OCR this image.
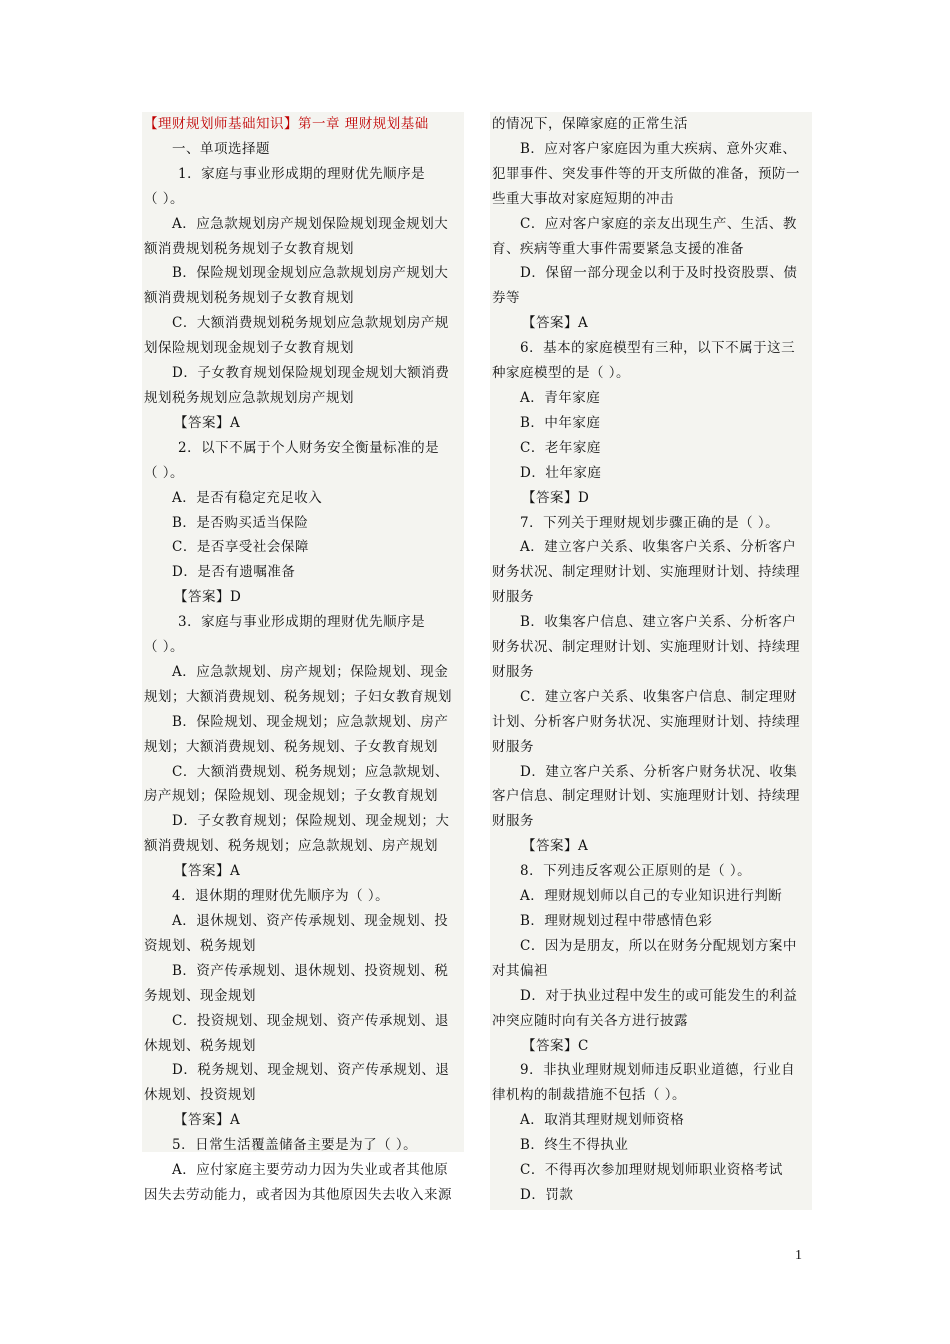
【理财规划师基础知识】第一章 理财规划基础
一、单项选择题
1．家庭与事业形成期的理财优先顺序是
（ ）。
A．应急款规划房产规划保险规划现金规划大
额消费规划税务规划子女教育规划
B．保险规划现金规划应急款规划房产规划大
额消费规划税务规划子女教育规划
C．大额消费规划税务规划应急款规划房产规
划保险规划现金规划子女教育规划
D．子女教育规划保险规划现金规划大额消费
规划税务规划应急款规划房产规划
【答案】A
2．以下不属于个人财务安全衡量标准的是
（ ）。
A．是否有稳定充足收入
B．是否购买适当保险
C．是否享受社会保障
D．是否有遗嘱准备
【答案】D
3．家庭与事业形成期的理财优先顺序是
（ ）。
A．应急款规划、房产规划；保险规划、现金
规划；大额消费规划、税务规划；子妇女教育规划
B．保险规划、现金规划；应急款规划、房产
规划；大额消费规划、税务规划、子女教育规划
C．大额消费规划、税务规划；应急款规划、
房产规划；保险规划、现金规划；子女教育规划
D．子女教育规划；保险规划、现金规划；大
额消费规划、税务规划；应急款规划、房产规划
【答案】A
4．退休期的理财优先顺序为（ ）。
A．退休规划、资产传承规划、现金规划、投
资规划、税务规划
B．资产传承规划、退休规划、投资规划、税
务规划、现金规划
C．投资规划、现金规划、资产传承规划、退
休规划、税务规划
D．税务规划、现金规划、资产传承规划、退
休规划、投资规划
【答案】A
5．日常生活覆盖储备主要是为了（ ）。
A．应付家庭主要劳动力因为失业或者其他原
因失去劳动能力，或者因为其他原因失去收入来源
的情况下，保障家庭的正常生活
B．应对客户家庭因为重大疾病、意外灾难、
犯罪事件、突发事件等的开支所做的准备，预防一
些重大事故对家庭短期的冲击
C．应对客户家庭的亲友出现生产、生活、教
育、疾病等重大事件需要紧急支援的准备
D．保留一部分现金以利于及时投资股票、债
券等
【答案】A
6．基本的家庭模型有三种，以下不属于这三
种家庭模型的是（ ）。
A．青年家庭
B．中年家庭
C．老年家庭
D．壮年家庭
【答案】D
7．下列关于理财规划步骤正确的是（ ）。
A．建立客户关系、收集客户关系、分析客户
财务状况、制定理财计划、实施理财计划、持续理
财服务
B．收集客户信息、建立客户关系、分析客户
财务状况、制定理财计划、实施理财计划、持续理
财服务
C．建立客户关系、收集客户信息、制定理财
计划、分析客户财务状况、实施理财计划、持续理
财服务
D．建立客户关系、分析客户财务状况、收集
客户信息、制定理财计划、实施理财计划、持续理
财服务
【答案】A
8．下列违反客观公正原则的是（ ）。
A．理财规划师以自己的专业知识进行判断
B．理财规划过程中带感情色彩
C．因为是朋友，所以在财务分配规划方案中
对其偏袒
D．对于执业过程中发生的或可能发生的利益
冲突应随时向有关各方进行披露
【答案】C
9．非执业理财规划师违反职业道德，行业自
律机构的制裁措施不包括（ ）。
A．取消其理财规划师资格
B．终生不得执业
C．不得再次参加理财规划师职业资格考试
D．罚款
1
